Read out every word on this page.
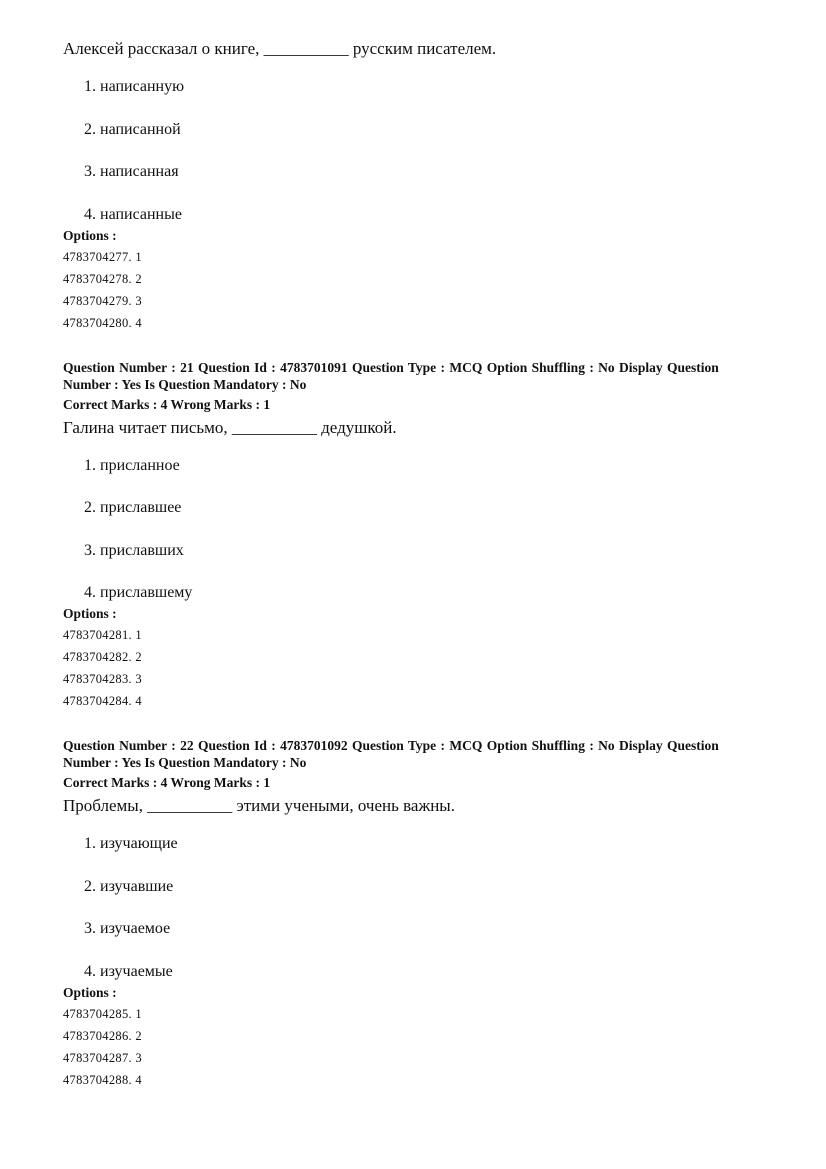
Алексей рассказал о книге, __________ русским писателем.
1. написанную
2. написанной
3. написанная
4. написанные
Options :
4783704277. 1
4783704278. 2
4783704279. 3
4783704280. 4
Question Number : 21 Question Id : 4783701091 Question Type : MCQ Option Shuffling : No Display Question
Number : Yes Is Question Mandatory : No
Correct Marks : 4 Wrong Marks : 1
Галина читает письмо, __________ дедушкой.
1. присланное
2. приславшее
3. приславших
4. приславшему
Options :
4783704281. 1
4783704282. 2
4783704283. 3
4783704284. 4
Question Number : 22 Question Id : 4783701092 Question Type : MCQ Option Shuffling : No Display Question
Number : Yes Is Question Mandatory : No
Correct Marks : 4 Wrong Marks : 1
Проблемы, __________ этими учеными, очень важны.
1. изучающие
2. изучавшие
3. изучаемое
4. изучаемые
Options :
4783704285. 1
4783704286. 2
4783704287. 3
4783704288. 4
